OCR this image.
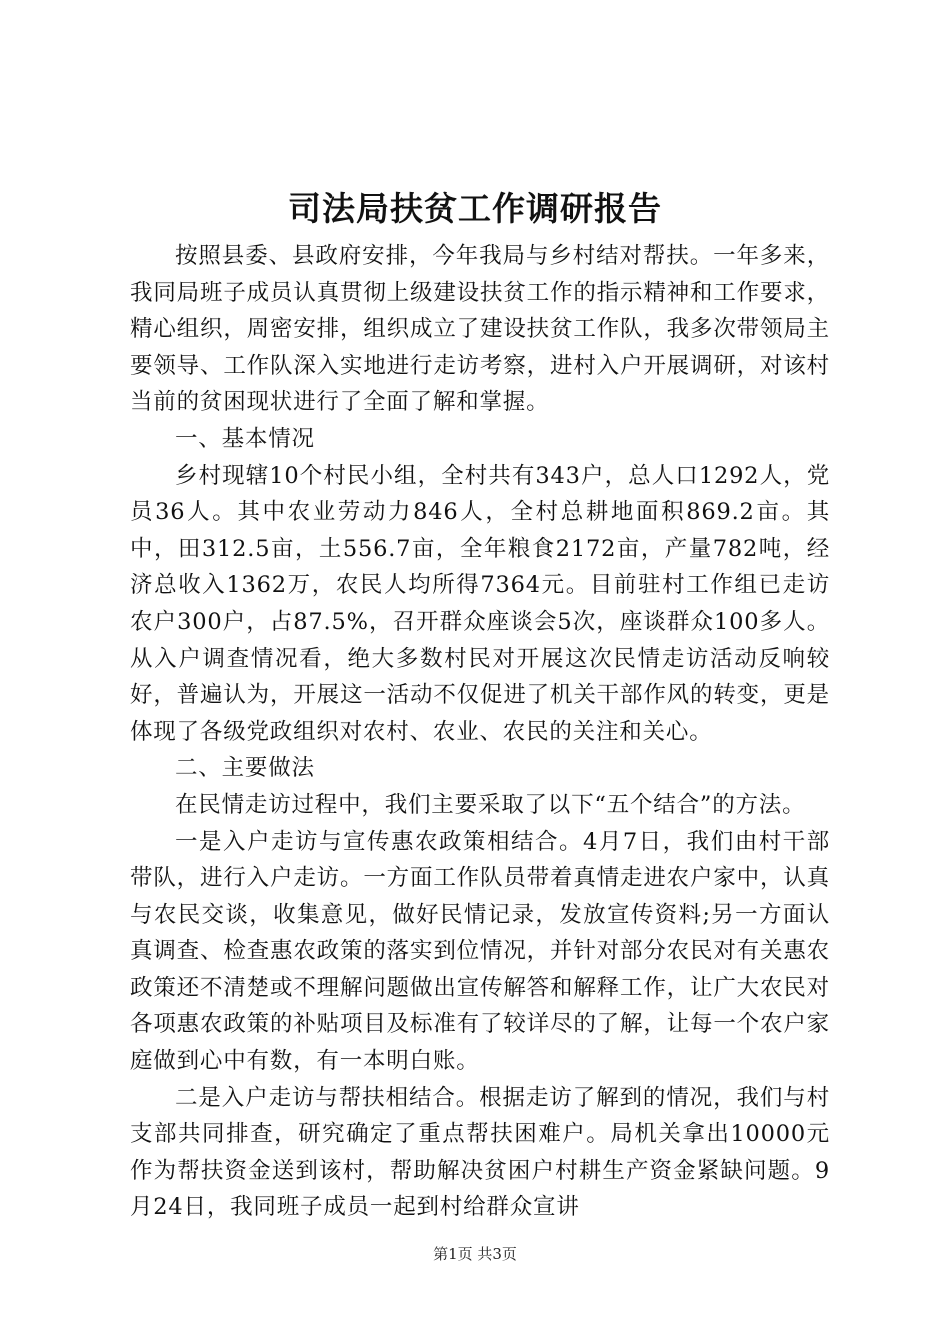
司法局扶贫工作调研报告

按照县委、县政府安排，今年我局与乡村结对帮扶。一年多来，我同局班子成员认真贯彻上级建设扶贫工作的指示精神和工作要求，精心组织，周密安排，组织成立了建设扶贫工作队，我多次带领局主要领导、工作队深入实地进行走访考察，进村入户开展调研，对该村当前的贫困现状进行了全面了解和掌握。

一、基本情况

乡村现辖10个村民小组，全村共有343户，总人口1292人，党员36人。其中农业劳动力846人，全村总耕地面积869.2亩。其中，田312.5亩，土556.7亩，全年粮食2172亩，产量782吨，经济总收入1362万，农民人均所得7364元。目前驻村工作组已走访农户300户，占87.5%，召开群众座谈会5次，座谈群众100多人。从入户调查情况看，绝大多数村民对开展这次民情走访活动反响较好，普遍认为，开展这一活动不仅促进了机关干部作风的转变，更是体现了各级党政组织对农村、农业、农民的关注和关心。

二、主要做法

在民情走访过程中，我们主要采取了以下“五个结合”的方法。

一是入户走访与宣传惠农政策相结合。4月7日，我们由村干部带队，进行入户走访。一方面工作队员带着真情走进农户家中，认真与农民交谈，收集意见，做好民情记录，发放宣传资料;另一方面认真调查、检查惠农政策的落实到位情况，并针对部分农民对有关惠农政策还不清楚或不理解问题做出宣传解答和解释工作，让广大农民对各项惠农政策的补贴项目及标准有了较详尽的了解，让每一个农户家庭做到心中有数，有一本明白账。

二是入户走访与帮扶相结合。根据走访了解到的情况，我们与村支部共同排查，研究确定了重点帮扶困难户。局机关拿出10000元作为帮扶资金送到该村，帮助解决贫困户村耕生产资金紧缺问题。9月24日，我同班子成员一起到村给群众宣讲

第1页 共3页
